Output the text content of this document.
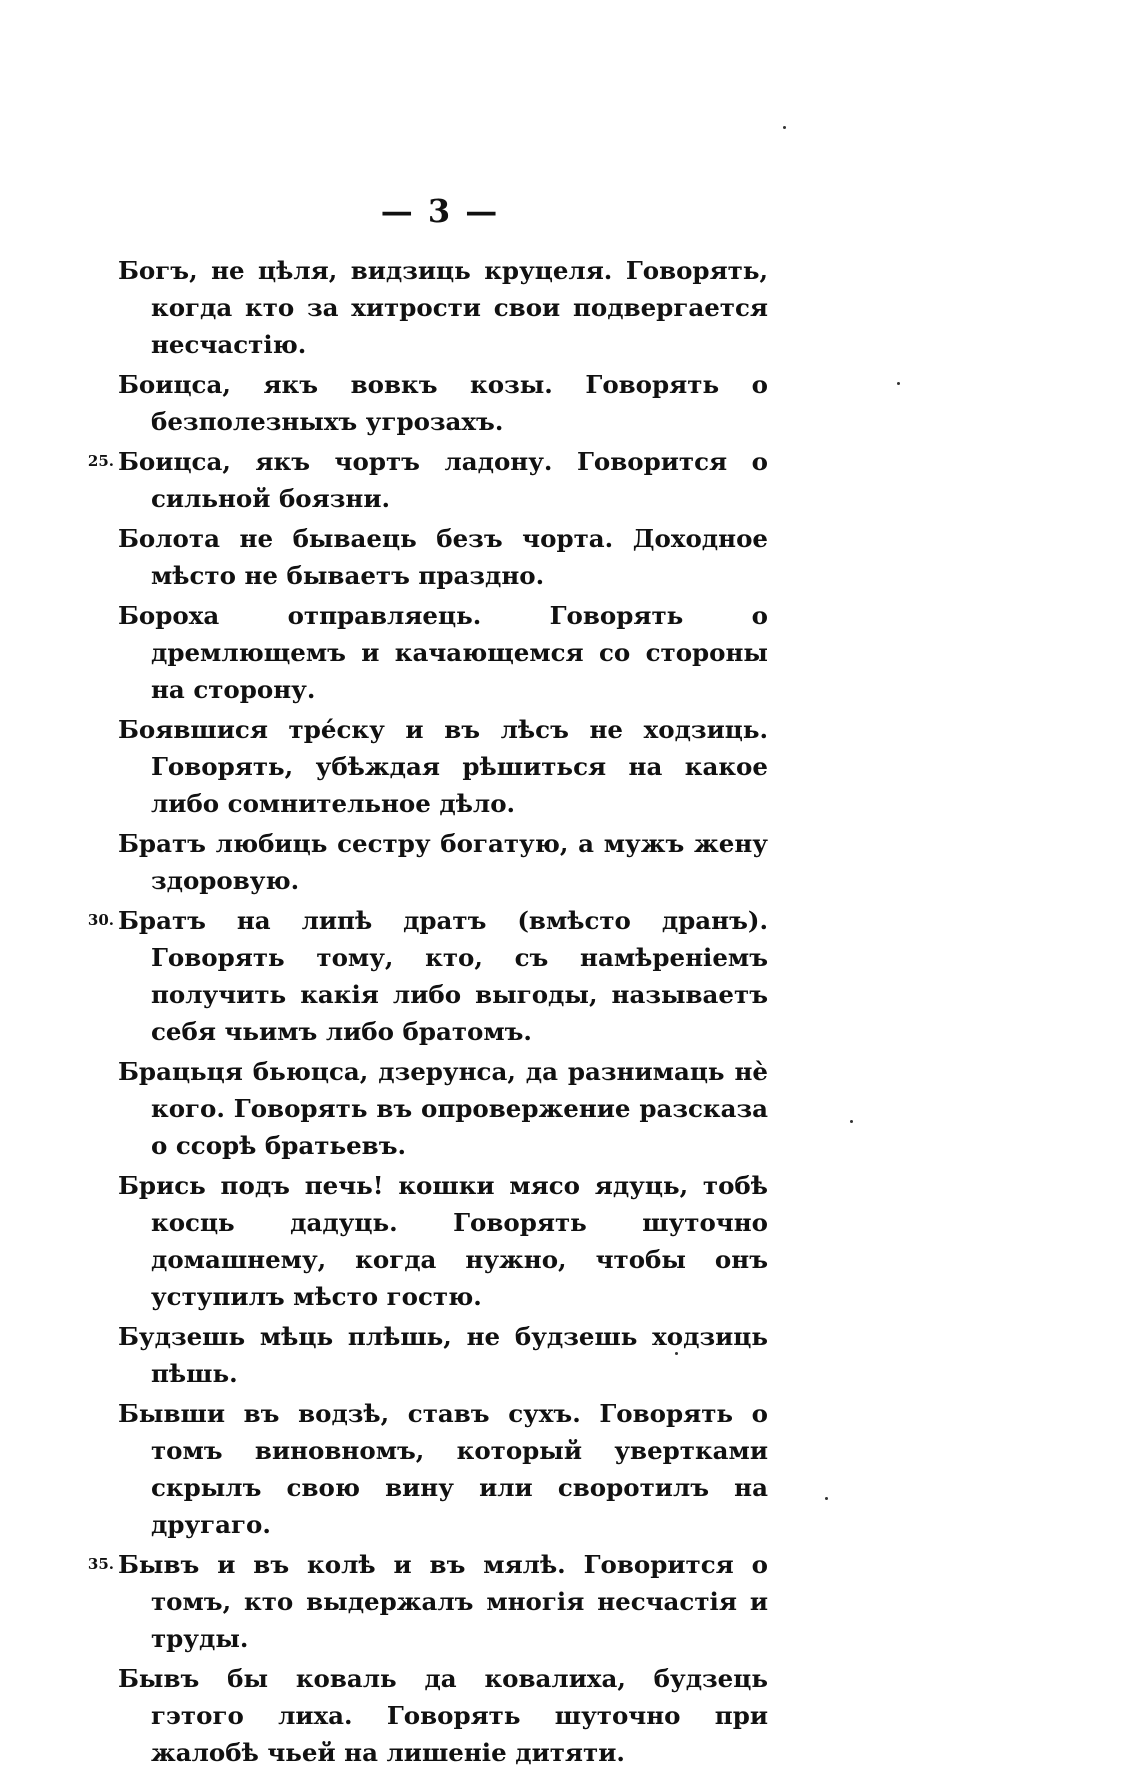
— 3 —
Богъ, не цѣля, видзиць круцеля. Говорять, когда кто за хитрости свои подвергается несчастію.
Боицса, якъ вовкъ козы. Говорять о безполезныхъ угрозахъ.
25. Боицса, якъ чортъ ладону. Говорится о сильной боязни.
Болота не бываець безъ чорта. Доходное мѣсто не бываетъ праздно.
Бороха отправляець.	Говорять о дремлющемъ и качающемся со стороны на сторону.
Боявшися трéску и въ лѣсъ не ходзиць. Говорять, убѣждая рѣшиться на какое либо сомнительное дѣло.
Братъ любиць сестру богатую, а мужъ жену здоровую.
30. Братъ на липѣ дратъ (вмѣсто дранъ). Говорять тому, кто, съ намѣреніемъ получить какія либо выгоды, называетъ себя чьимъ либо братомъ.
Брацьця бьюцса, дзерунса, да разнимаць нѐ кого. Говорять въ опровержение разсказа о ссорѣ братьевъ.
Брись подъ печь! кошки мясо ядуць, тобѣ косць дадуць. Говорять шуточно домашнему, когда нужно, чтобы онъ уступилъ мѣсто гостю.
Будзешь мѣць плѣшь, не будзешь ходзиць пѣшь.
Бывши въ водзѣ, ставъ сухъ. Говорять о томъ виновномъ, который увертками скрылъ свою вину или своротилъ на другаго.
35. Бывъ и въ колѣ и въ мялѣ. Говорится о томъ, кто выдержалъ многія несчастія и труды.
Бывъ бы коваль да ковалиха, будзець гэтого лиха. Говорять шуточно при жалобѣ чьей на лишеніе дитяти.
